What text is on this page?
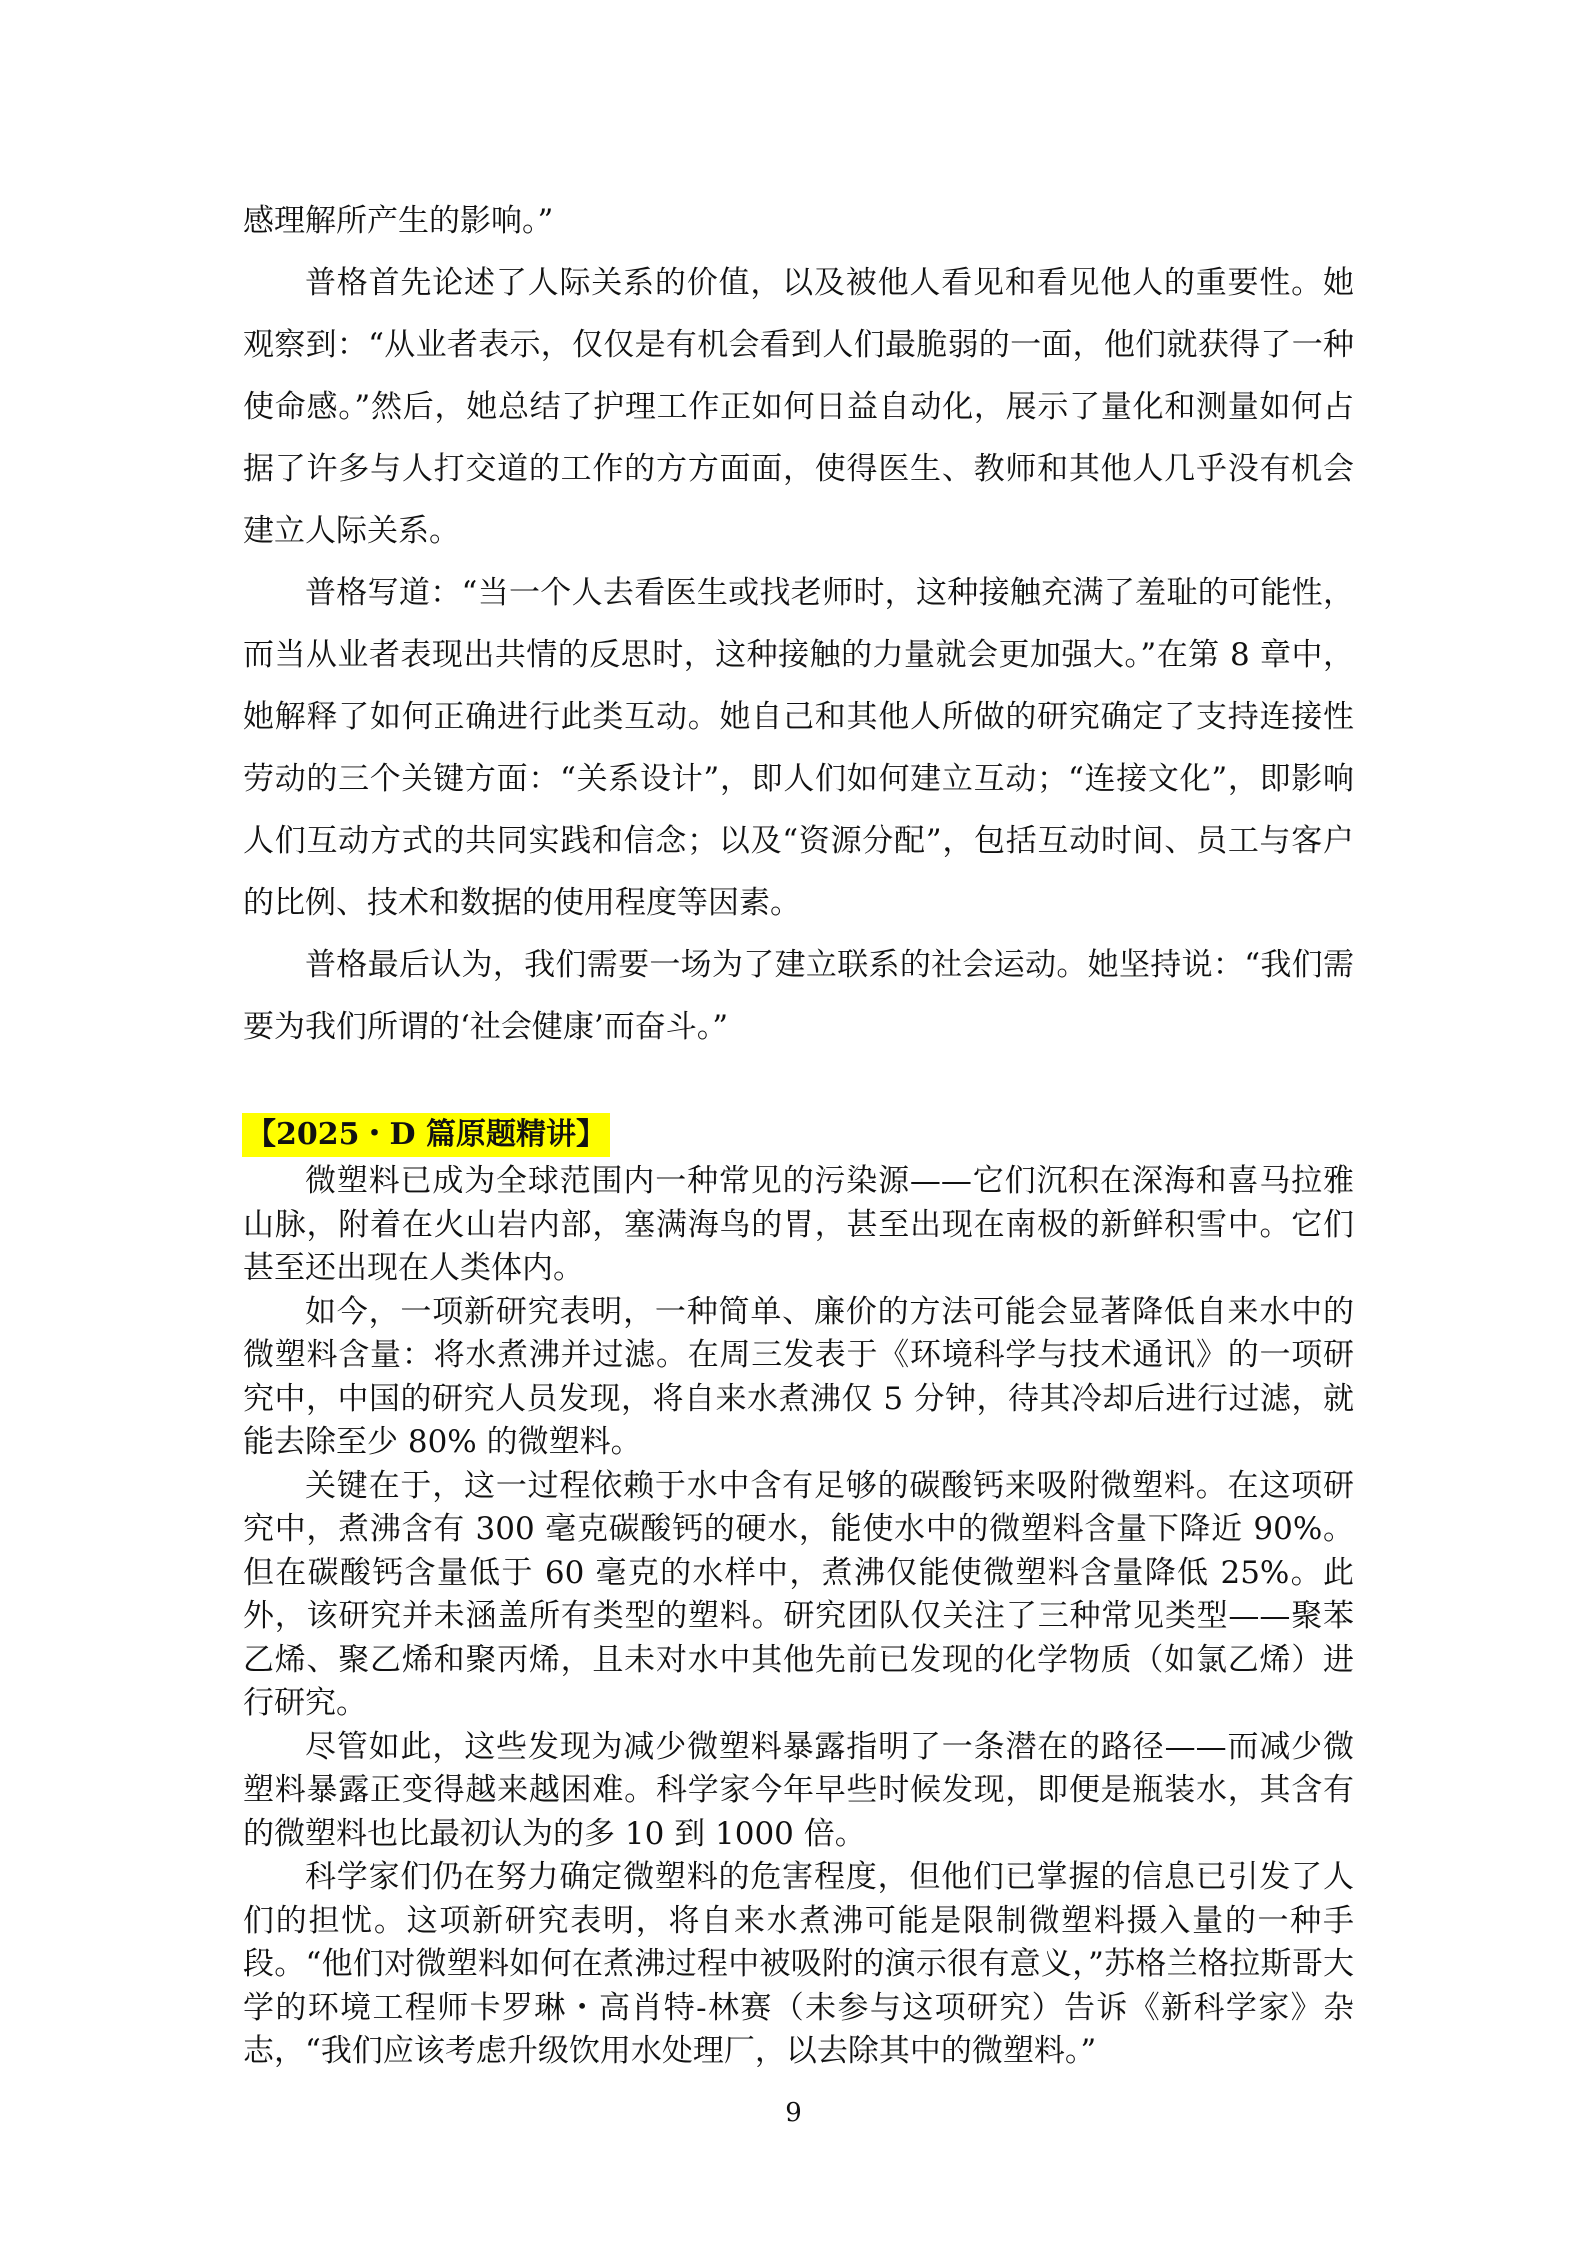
感理解所产生的影响。”

普格首先论述了人际关系的价值，以及被他人看见和看见他人的重要性。她观察到：“从业者表示，仅仅是有机会看到人们最脆弱的一面，他们就获得了一种使命感。”然后，她总结了护理工作正如何日益自动化，展示了量化和测量如何占据了许多与人打交道的工作的方方面面，使得医生、教师和其他人几乎没有机会建立人际关系。

普格写道：“当一个人去看医生或找老师时，这种接触充满了羞耻的可能性，而当从业者表现出共情的反思时，这种接触的力量就会更加强大。”在第 8 章中，她解释了如何正确进行此类互动。她自己和其他人所做的研究确定了支持连接性劳动的三个关键方面：“关系设计”，即人们如何建立互动；“连接文化”，即影响人们互动方式的共同实践和信念；以及“资源分配”，包括互动时间、员工与客户的比例、技术和数据的使用程度等因素。

普格最后认为，我们需要一场为了建立联系的社会运动。她坚持说：“我们需要为我们所谓的‘社会健康’而奋斗。”

【2025・D 篇原题精讲】

微塑料已成为全球范围内一种常见的污染源——它们沉积在深海和喜马拉雅山脉，附着在火山岩内部，塞满海鸟的胃，甚至出现在南极的新鲜积雪中。它们甚至还出现在人类体内。

如今，一项新研究表明，一种简单、廉价的方法可能会显著降低自来水中的微塑料含量：将水煮沸并过滤。在周三发表于《环境科学与技术通讯》的一项研究中，中国的研究人员发现，将自来水煮沸仅 5 分钟，待其冷却后进行过滤，就能去除至少 80% 的微塑料。

关键在于，这一过程依赖于水中含有足够的碳酸钙来吸附微塑料。在这项研究中，煮沸含有 300 毫克碳酸钙的硬水，能使水中的微塑料含量下降近 90%。但在碳酸钙含量低于 60 毫克的水样中，煮沸仅能使微塑料含量降低 25%。此外，该研究并未涵盖所有类型的塑料。研究团队仅关注了三种常见类型——聚苯乙烯、聚乙烯和聚丙烯，且未对水中其他先前已发现的化学物质（如氯乙烯）进行研究。

尽管如此，这些发现为减少微塑料暴露指明了一条潜在的路径——而减少微塑料暴露正变得越来越困难。科学家今年早些时候发现，即便是瓶装水，其含有的微塑料也比最初认为的多 10 到 1000 倍。

科学家们仍在努力确定微塑料的危害程度，但他们已掌握的信息已引发了人们的担忧。这项新研究表明，将自来水煮沸可能是限制微塑料摄入量的一种手段。“他们对微塑料如何在煮沸过程中被吸附的演示很有意义，”苏格兰格拉斯哥大学的环境工程师卡罗琳・高肖特-林赛（未参与这项研究）告诉《新科学家》杂志，“我们应该考虑升级饮用水处理厂，以去除其中的微塑料。”

9
